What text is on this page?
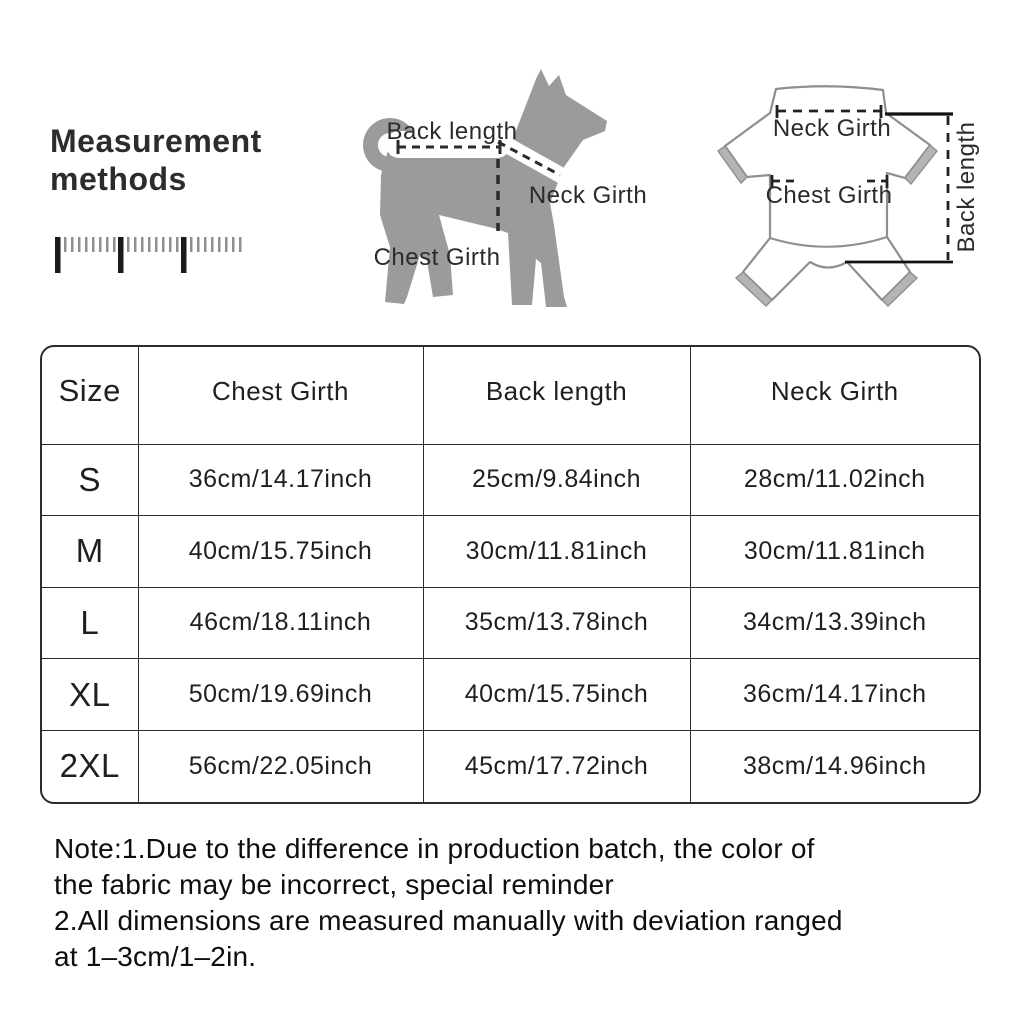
Measurement
methods
Back length
Neck Girth
Chest Girth
Neck Girth
Chest Girth	Back length
Size	Chest Girth	Back length	Neck Girth
S	36cm/14.17inch	25cm/9.84inch	28cm/11.02inch
M	40cm/15.75inch	30cm/11.81inch	30cm/11.81inch
L	46cm/18.11inch	35cm/13.78inch	34cm/13.39inch
XL	50cm/19.69inch	40cm/15.75inch	36cm/14.17inch
2XL	56cm/22.05inch	45cm/17.72inch	38cm/14.96inch
Note:1.Due to the difference in production batch, the color of
the fabric may be incorrect, special reminder
2.All dimensions are measured manually with deviation ranged
at 1–3cm/1–2in.
